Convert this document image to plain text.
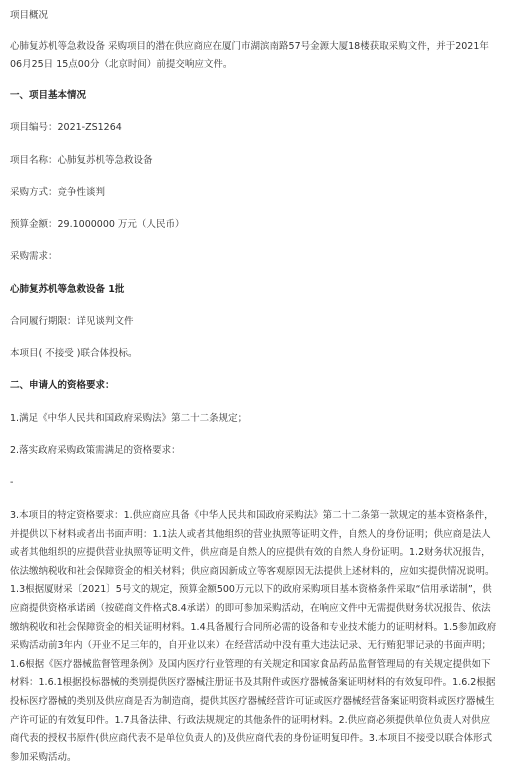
项目概况

心肺复苏机等急救设备 采购项目的潜在供应商应在厦门市湖滨南路57号金源大厦18楼获取采购文件，并于2021年06月25日 15点00分（北京时间）前提交响应文件。

一、项目基本情况

项目编号：2021-ZS1264

项目名称：心肺复苏机等急救设备

采购方式：竞争性谈判

预算金额：29.1000000 万元（人民币）

采购需求：

心肺复苏机等急救设备 1批

合同履行期限：详见谈判文件

本项目( 不接受 )联合体投标。

二、申请人的资格要求：

1.满足《中华人民共和国政府采购法》第二十二条规定；

2.落实政府采购政策需满足的资格要求：

-

3.本项目的特定资格要求：1.供应商应具备《中华人民共和国政府采购法》第二十二条第一款规定的基本资格条件，并提供以下材料或者出书面声明：1.1法人或者其他组织的营业执照等证明文件，自然人的身份证明；供应商是法人或者其他组织的应提供营业执照等证明文件，供应商是自然人的应提供有效的自然人身份证明。1.2财务状况报告，依法缴纳税收和社会保障资金的相关材料；供应商因新成立等客观原因无法提供上述材料的，应如实提供情况说明。1.3根据厦财采〔2021〕5号文的规定，预算金额500万元以下的政府采购项目基本资格条件采取“信用承诺制”，供应商提供资格承诺函（按磋商文件格式8.4承诺）的即可参加采购活动，在响应文件中无需提供财务状况报告、依法缴纳税收和社会保障资金的相关证明材料。1.4具备履行合同所必需的设备和专业技术能力的证明材料。1.5参加政府采购活动前3年内（开业不足三年的，自开业以来）在经营活动中没有重大违法记录、无行贿犯罪记录的书面声明；1.6根据《医疗器械监督管理条例》及国内医疗行业管理的有关规定和国家食品药品监督管理局的有关规定提供如下材料：1.6.1根据投标器械的类别提供医疗器械注册证书及其附件或医疗器械备案证明材料的有效复印件。1.6.2根据投标医疗器械的类别及供应商是否为制造商，提供其医疗器械经营许可证或医疗器械经营备案证明资料或医疗器械生产许可证的有效复印件。1.7具备法律、行政法规规定的其他条件的证明材料。2.供应商必须提供单位负责人对供应商代表的授权书原件(供应商代表不是单位负责人的)及供应商代表的身份证明复印件。3.本项目不接受以联合体形式参加采购活动。
